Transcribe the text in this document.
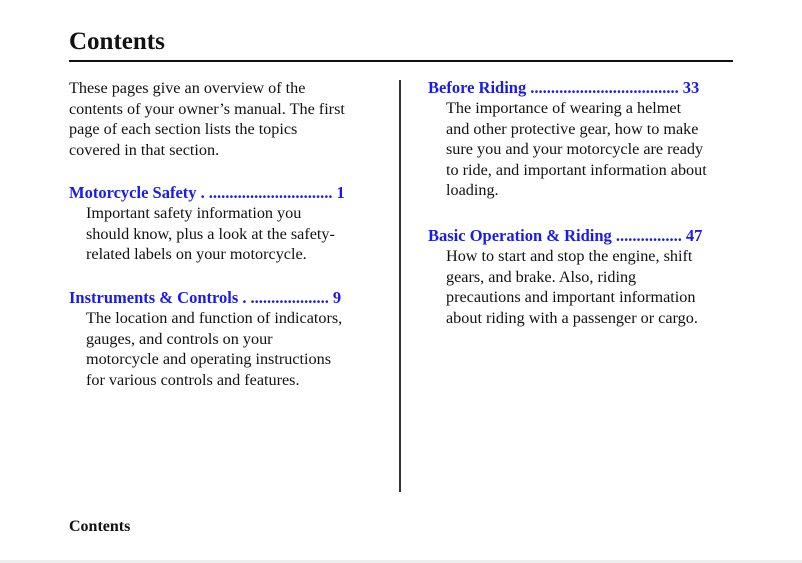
Contents
These pages give an overview of the
contents of your owner’s manual. The first
page of each section lists the topics
covered in that section.
Motorcycle Safety . .............................. 1
Important safety information you
should know, plus a look at the safety-
related labels on your motorcycle.
Instruments & Controls . ................... 9
The location and function of indicators,
gauges, and controls on your
motorcycle and operating instructions
for various controls and features.
Before Riding .................................... 33
The importance of wearing a helmet
and other protective gear, how to make
sure you and your motorcycle are ready
to ride, and important information about
loading.
Basic Operation & Riding ................ 47
How to start and stop the engine, shift
gears, and brake. Also, riding
precautions and important information
about riding with a passenger or cargo.
Contents
